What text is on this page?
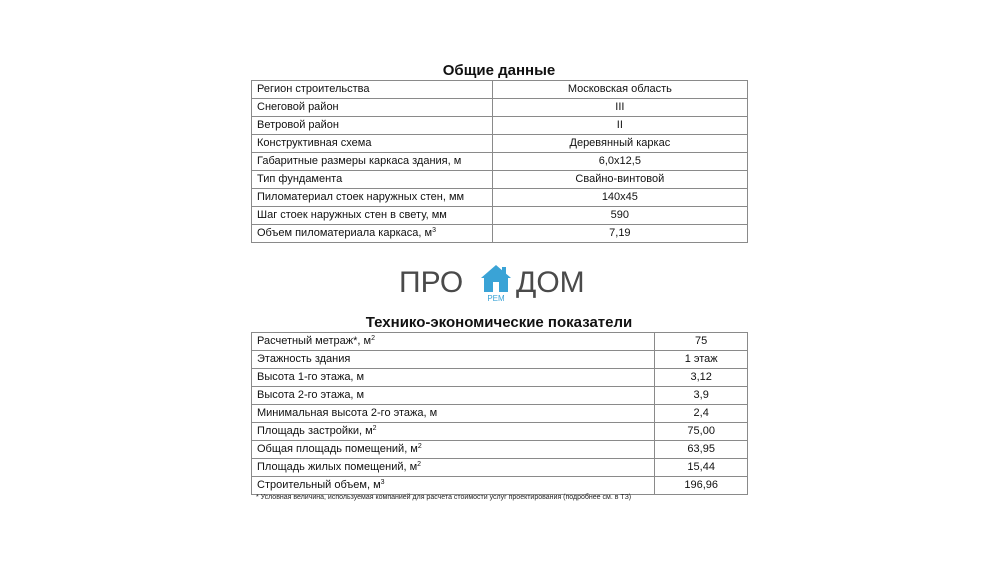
Общие данные
Регион строительства	Московская область
Снеговой район	III
Ветровой район	II
Конструктивная схема	Деревянный каркас
Габаритные размеры каркаса здания, м	6,0x12,5
Тип фундамента	Свайно-винтовой
Пиломатериал стоек наружных стен, мм	140x45
Шаг стоек наружных стен в свету, мм	590
Объем пиломатериала каркаса, $м^3$	7,19
ПРО	РЕМ ДОМ
Технико-экономические показатели
Расчетный метраж*, $м^2$	75
Этажность здания	1 этаж
Высота 1-го этажа, м	3,12
Высота 2-го этажа, м	3,9
Минимальная высота 2-го этажа, м	2,4
Площадь застройки, $м^2$	75,00
Общая площадь помещений, $м^2$	63,95
Площадь жилых помещений, $м^2$	15,44
Строительный объем, $м^3$	196,96
* Условная величина, используемая компанией для расчета стоимости услуг проектирования (подробнее см. в ТЗ)
